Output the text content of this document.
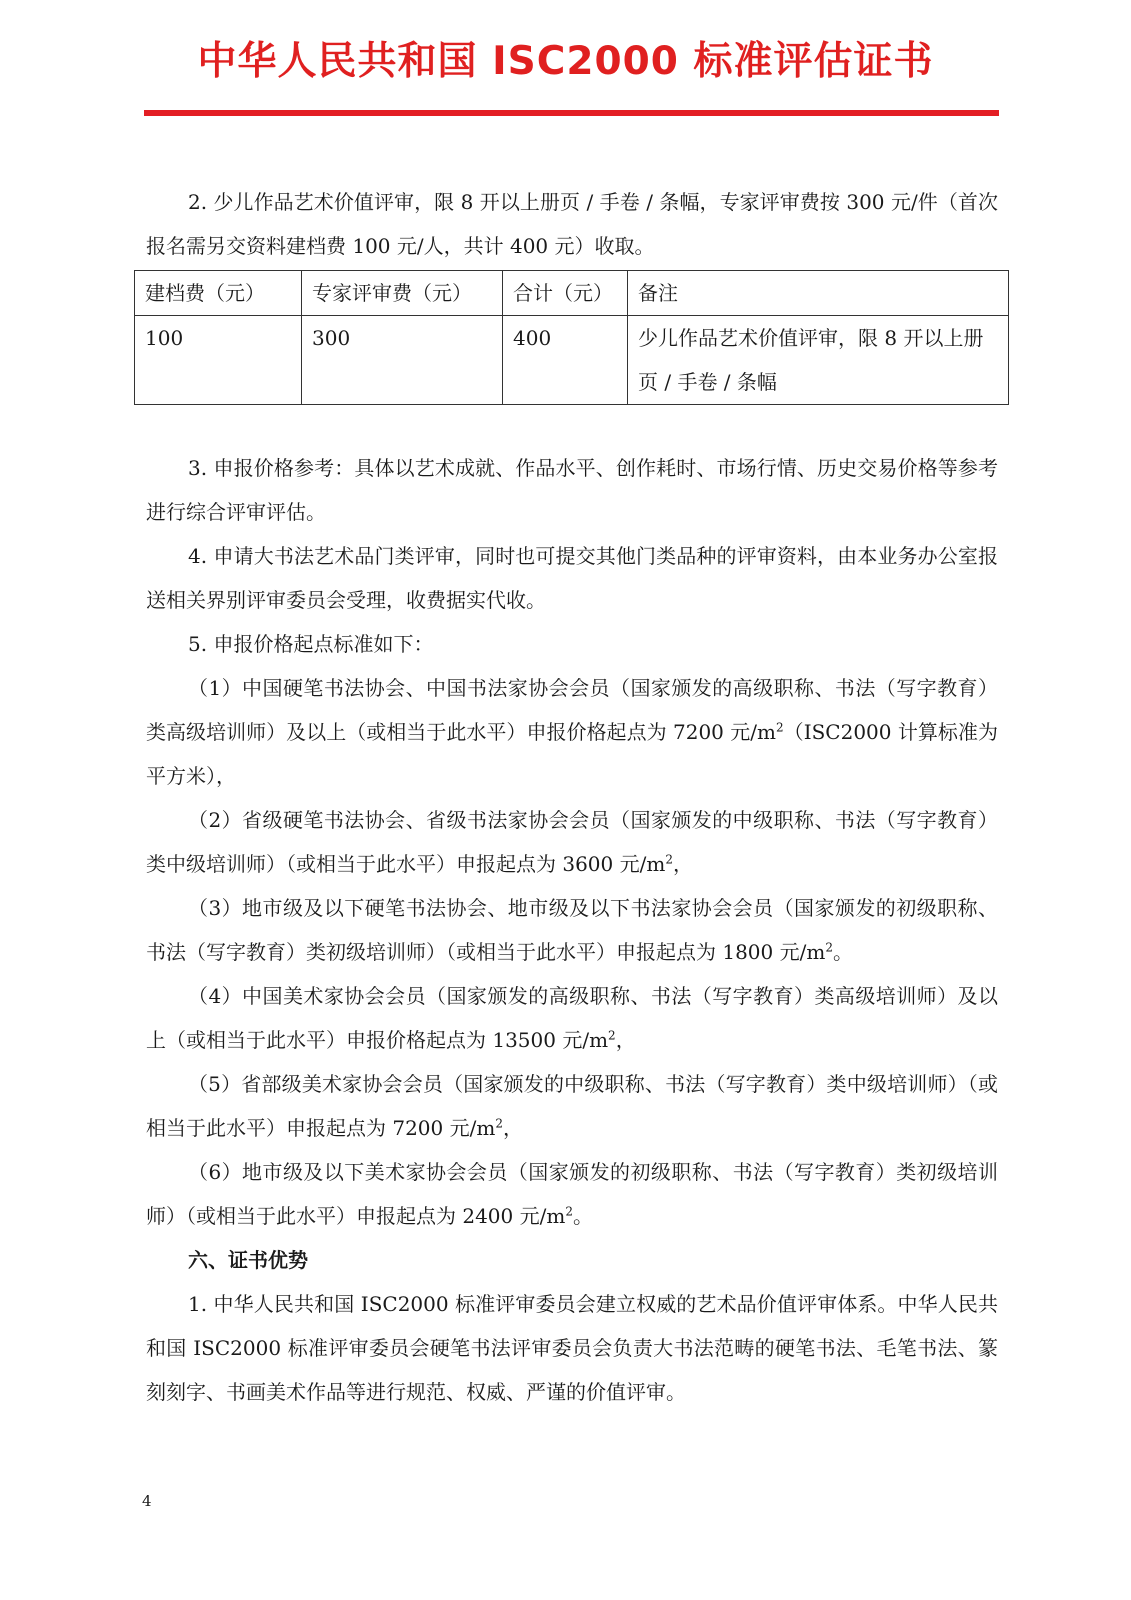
中华人民共和国 ISC2000 标准评估证书

2. 少儿作品艺术价值评审，限 8 开以上册页 / 手卷 / 条幅，专家评审费按 300 元/件（首次报名需另交资料建档费 100 元/人，共计 400 元）收取。

建档费（元）	专家评审费（元）	合计（元）	备注
100	300	400	少儿作品艺术价值评审，限 8 开以上册页 / 手卷 / 条幅

3. 申报价格参考：具体以艺术成就、作品水平、创作耗时、市场行情、历史交易价格等参考进行综合评审评估。

4. 申请大书法艺术品门类评审，同时也可提交其他门类品种的评审资料，由本业务办公室报送相关界别评审委员会受理，收费据实代收。

5. 申报价格起点标准如下：

（1）中国硬笔书法协会、中国书法家协会会员（国家颁发的高级职称、书法（写字教育）类高级培训师）及以上（或相当于此水平）申报价格起点为 7200 元$/m^2(ISC2000$ 计算标准为平方米），

（2）省级硬笔书法协会、省级书法家协会会员（国家颁发的中级职称、书法（写字教育）类中级培训师）（或相当于此水平）申报起点为 3600 元$/m^2$，

（3）地市级及以下硬笔书法协会、地市级及以下书法家协会会员（国家颁发的初级职称、书法（写字教育）类初级培训师）（或相当于此水平）申报起点为 1800 元$/m^2$。

（4）中国美术家协会会员（国家颁发的高级职称、书法（写字教育）类高级培训师）及以上（或相当于此水平）申报价格起点为 13500 元$/m^2$，

（5）省部级美术家协会会员（国家颁发的中级职称、书法（写字教育）类中级培训师）（或相当于此水平）申报起点为 7200 元$/m^2$，

（6）地市级及以下美术家协会会员（国家颁发的初级职称、书法（写字教育）类初级培训师）（或相当于此水平）申报起点为 2400 元$/m^2$。

六、证书优势

1. 中华人民共和国 ISC2000 标准评审委员会建立权威的艺术品价值评审体系。中华人民共和国 ISC2000 标准评审委员会硬笔书法评审委员会负责大书法范畴的硬笔书法、毛笔书法、篆刻刻字、书画美术作品等进行规范、权威、严谨的价值评审。

4
